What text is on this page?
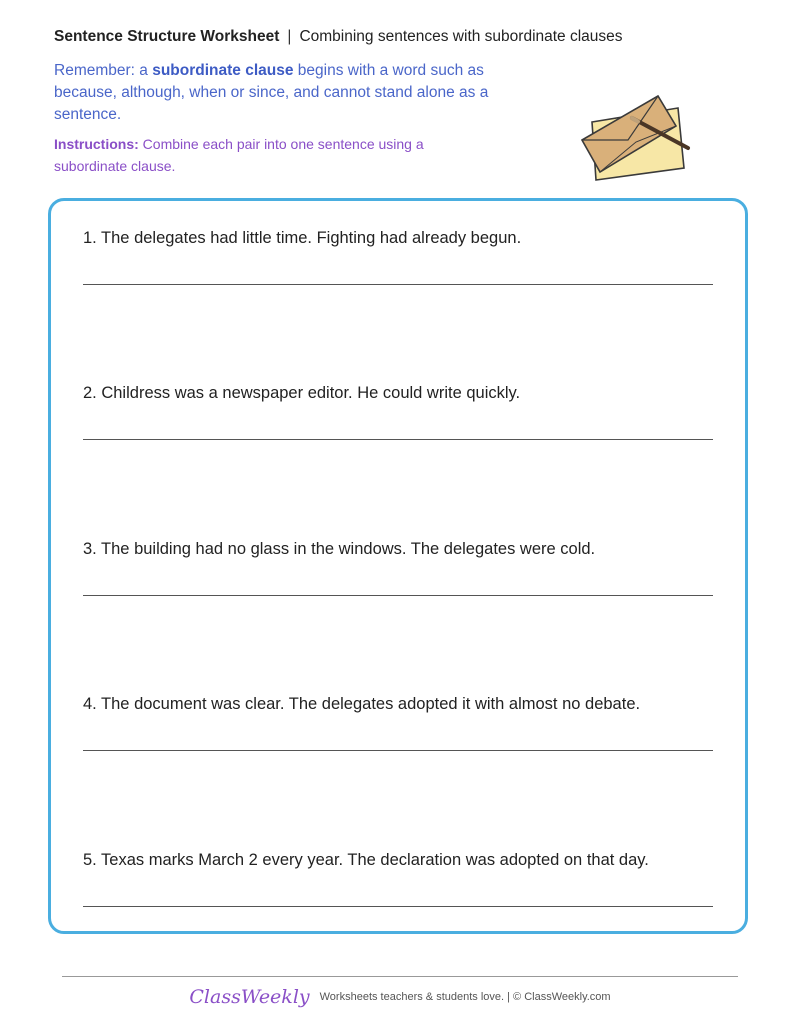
Sentence Structure Worksheet | Combining sentences with subordinate clauses
Remember: a subordinate clause begins with a word such as because, although, when or since, and cannot stand alone as a sentence.
Instructions: Combine each pair into one sentence using a subordinate clause.
1. The delegates had little time. Fighting had already begun.
2. Childress was a newspaper editor. He could write quickly.
3. The building had no glass in the windows. The delegates were cold.
4. The document was clear. The delegates adopted it with almost no debate.
5. Texas marks March 2 every year. The declaration was adopted on that day.
ClassWeekly Worksheets teachers & students love. | © ClassWeekly.com
